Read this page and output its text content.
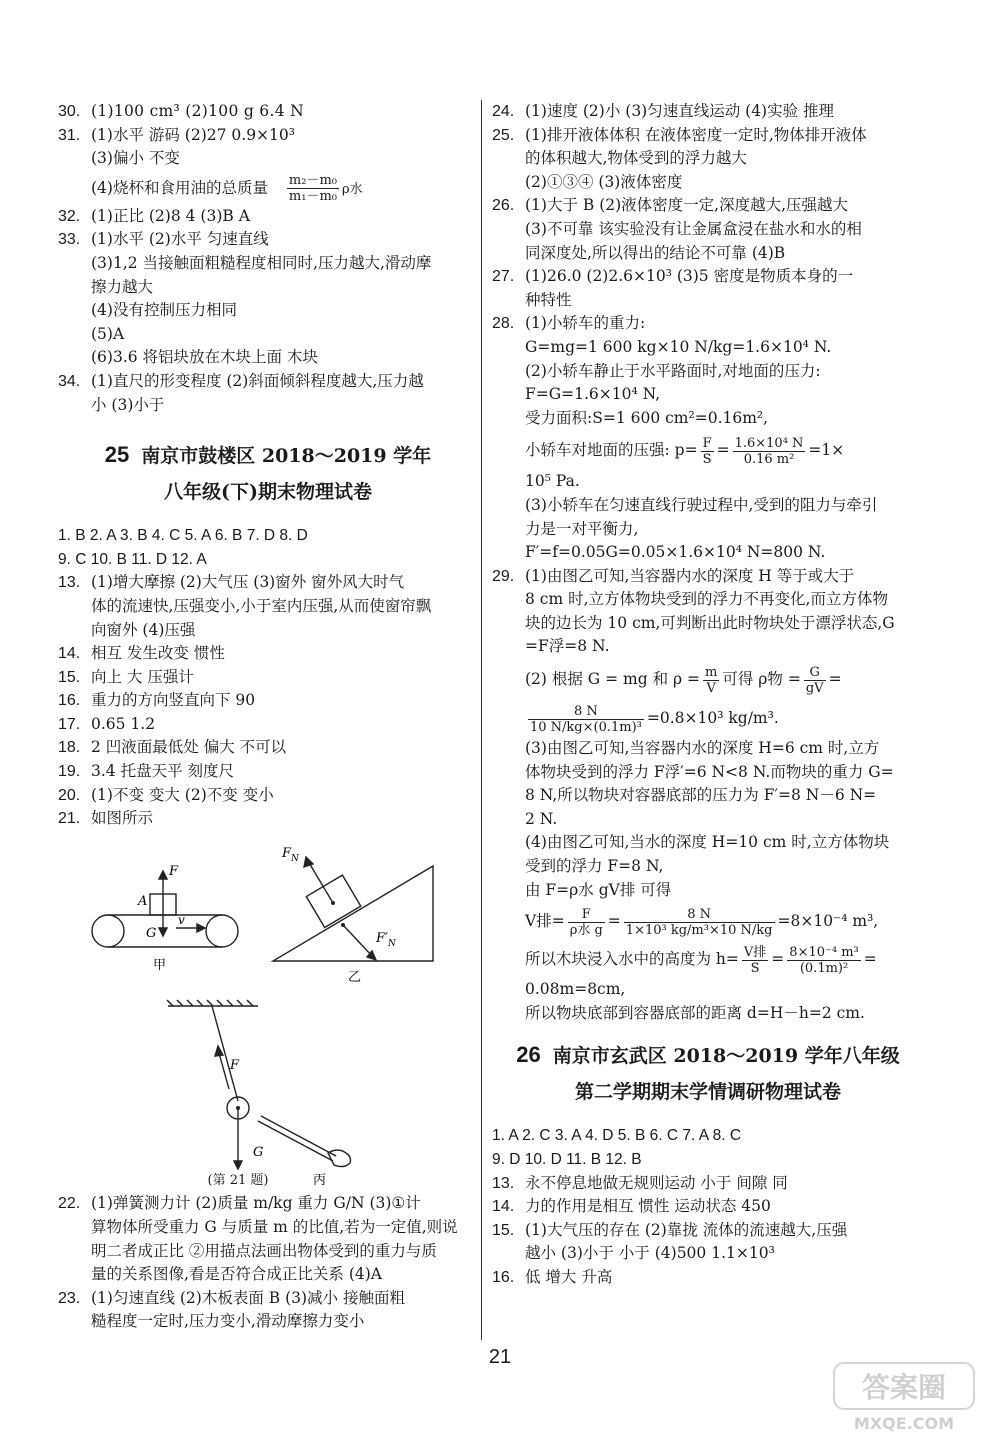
30. (1)100 cm³ (2)100 g 6.4 N
31. (1)水平 游码 (2)27 0.9×10³
(3)偏小 不变
(4)烧杯和食用油的总质量 $\frac{\text{m₂－m₀}}{\text{m₁－m₀}}$ ρ水
32. (1)正比 (2)8 4 (3)B A
33. (1)水平 (2)水平 匀速直线
(3)1,2 当接触面粗糙程度相同时,压力越大,滑动摩
擦力越大
(4)没有控制压力相同
(5)A
(6)3.6 将铝块放在木块上面 木块
34. (1)直尺的形变程度 (2)斜面倾斜程度越大,压力越
小 (3)小于
25 南京市鼓楼区 2018～2019 学年
八年级(下)期末物理试卷
1. B 2. A 3. B 4. C 5. A 6. B 7. D 8. D
9. C 10. B 11. D 12. A
13. (1)增大摩擦 (2)大气压 (3)窗外 窗外风大时气
体的流速快,压强变小,小于室内压强,从而使窗帘飘
向窗外 (4)压强
14. 相互 发生改变 惯性
15. 向上 大 压强计
16. 重力的方向竖直向下 90
17. 0.65 1.2
18. 2 凹液面最低处 偏大 不可以
19. 3.4 托盘天平 刻度尺
20. (1)不变 变大 (2)不变 变小
21. 如图所示
F
A
G
v
甲
$F_N$
$F'_N$
乙
F
G
丙
(第 21 题)
22. (1)弹簧测力计 (2)质量 m/kg 重力 G/N (3)①计
算物体所受重力 G 与质量 m 的比值,若为一定值,则说
明二者成正比 ②用描点法画出物体受到的重力与质
量的关系图像,看是否符合成正比关系 (4)A
23. (1)匀速直线 (2)木板表面 B (3)减小 接触面粗
糙程度一定时,压力变小,滑动摩擦力变小
24. (1)速度 (2)小 (3)匀速直线运动 (4)实验 推理
25. (1)排开液体体积 在液体密度一定时,物体排开液体
的体积越大,物体受到的浮力越大
(2)①③④ (3)液体密度
26. (1)大于 B (2)液体密度一定,深度越大,压强越大
(3)不可靠 该实验没有让金属盒浸在盐水和水的相
同深度处,所以得出的结论不可靠 (4)B
27. (1)26.0 (2)2.6×10³ (3)5 密度是物质本身的一
种特性
28. (1)小轿车的重力:
G=mg=1 600 kg×10 N/kg=1.6×10⁴ N.
(2)小轿车静止于水平路面时,对地面的压力:
F=G=1.6×10⁴ N,
受力面积:S=1 600 cm²=0.16m²,
小轿车对地面的压强: $p= \frac{F}{S} = \frac{\text{1.6×10⁴ N}}{\text{0.16 m²}} =1\times$
10⁵ Pa.
(3)小轿车在匀速直线行驶过程中,受到的阻力与牵引
力是一对平衡力,
F′=f=0.05G=0.05×1.6×10⁴ N=800 N.
29. (1)由图乙可知,当容器内水的深度 H 等于或大于
8 cm 时,立方体物块受到的浮力不再变化,而立方体物
块的边长为 10 cm,可判断出此时物块处于漂浮状态,G
=F浮=8 N.
(2) 根据 G = mg 和 $\rho = \frac{m}{V}$ 可得 ρ物 = $\frac{G}{gV}$ =
$\frac{8 N}{\text{10 N/kg×(0.1m)³}} =0.8\times 10^3$ kg/m³.
(3)由图乙可知,当容器内水的深度 H=6 cm 时,立方
体物块受到的浮力 F浮′=6 N<8 N.而物块的重力 G=
8 N,所以物块对容器底部的压力为 F′=8 N－6 N=
2 N.
(4)由图乙可知,当水的深度 H=10 cm 时,立方体物块
受到的浮力 F=8 N,
由 F=ρ水 gV排 可得
V排= $\frac{F}{\text{ρ水 g}} = \frac{8 N}{\text{1×10³ kg/m³×10 N/kg}} =8\times 10^{-4}$ m³,
所以木块浸入水中的高度为 $h= \frac{\text{V排}}{S} = \frac{\text{8×10⁻⁴ m³}}{\text{(0.1m)²}}$ =
0.08m=8cm,
所以物块底部到容器底部的距离 d=H－h=2 cm.
26 南京市玄武区 2018～2019 学年八年级
第二学期期末学情调研物理试卷
1. A 2. C 3. A 4. D 5. B 6. C 7. A 8. C
9. D 10. D 11. B 12. B
13. 永不停息地做无规则运动 小于 间隙 同
14. 力的作用是相互 惯性 运动状态 450
15. (1)大气压的存在 (2)靠拢 流体的流速越大,压强
越小 (3)小于 小于 (4)500 1.1×10³
16. 低 增大 升高
21
答案圈
MXQE.COM
